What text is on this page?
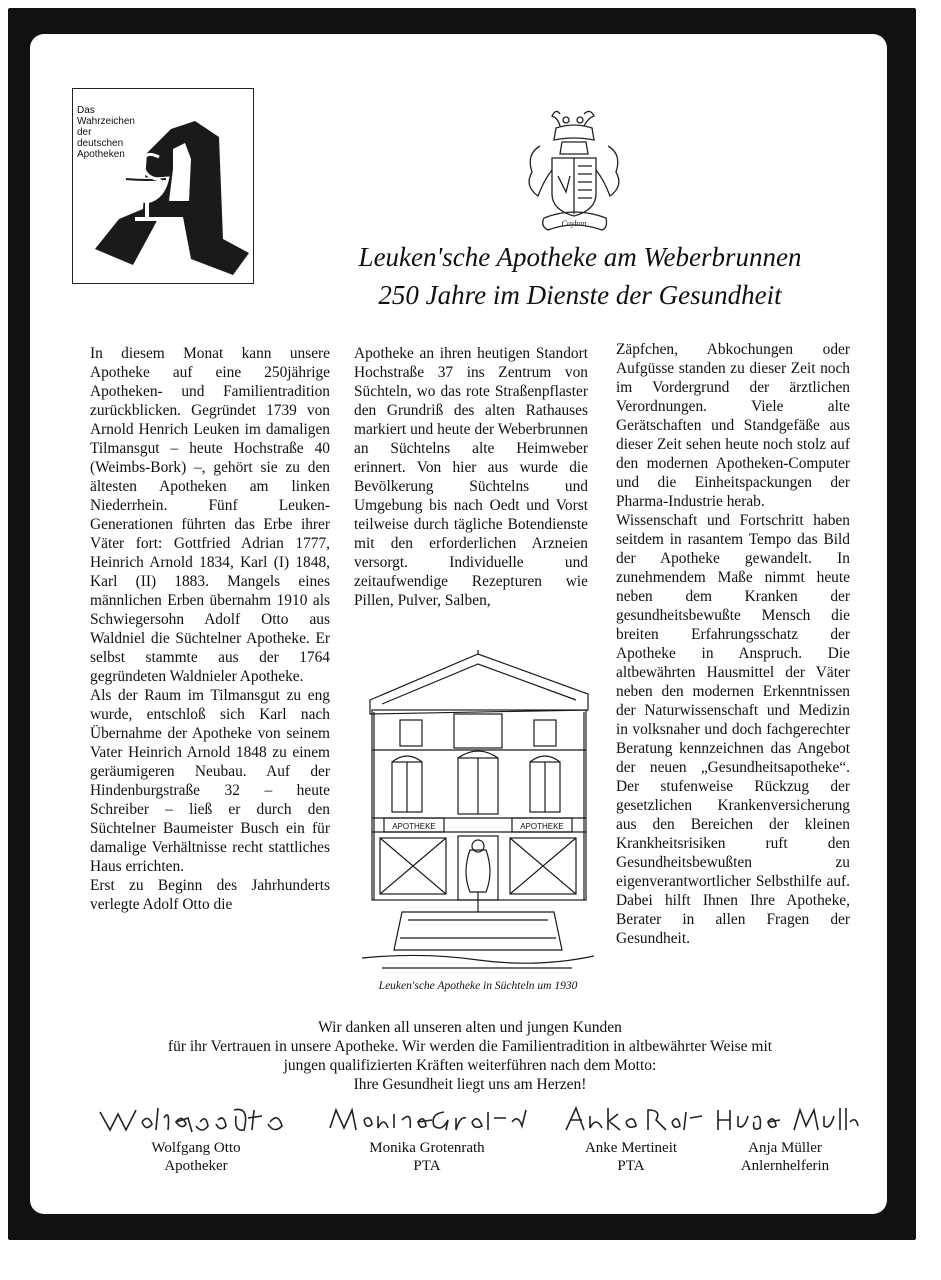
Das
Wahrzeichen
der
deutschen
Apotheken
Cuyban
Leuken'sche Apotheke am Weberbrunnen
250 Jahre im Dienste der Gesundheit

In diesem Monat kann unsere Apotheke auf eine 250jährige Apotheken- und Familientradition zurückblicken. Gegründet 1739 von Arnold Henrich Leuken im damaligen Tilmansgut – heute Hochstraße 40 (Weimbs-Bork) –, gehört sie zu den ältesten Apotheken am linken Niederrhein. Fünf Leuken-Generationen führten das Erbe ihrer Väter fort: Gottfried Adrian 1777, Heinrich Arnold 1834, Karl (I) 1848, Karl (II) 1883. Mangels eines männlichen Erben übernahm 1910 als Schwiegersohn Adolf Otto aus Waldniel die Süchtelner Apotheke. Er selbst stammte aus der 1764 gegründeten Waldnieler Apotheke.

Als der Raum im Tilmansgut zu eng wurde, entschloß sich Karl nach Übernahme der Apotheke von seinem Vater Heinrich Arnold 1848 zu einem geräumigeren Neubau. Auf der Hindenburgstraße 32 – heute Schreiber – ließ er durch den Süchtelner Baumeister Busch ein für damalige Verhältnisse recht stattliches Haus errichten.

Erst zu Beginn des Jahrhunderts verlegte Adolf Otto die

Apotheke an ihren heutigen Standort Hochstraße 37 ins Zentrum von Süchteln, wo das rote Straßenpflaster den Grundriß des alten Rathauses markiert und heute der Weberbrunnen an Süchtelns alte Heimweber erinnert. Von hier aus wurde die Bevölkerung Süchtelns und Umgebung bis nach Oedt und Vorst teilweise durch tägliche Botendienste mit den erforderlichen Arzneien versorgt. Individuelle und zeitaufwendige Rezepturen wie Pillen, Pulver, Salben,

APOTHEKE	APOTHEKE
Leuken'sche Apotheke in Süchteln um 1930

Zäpfchen, Abkochungen oder Aufgüsse standen zu dieser Zeit noch im Vordergrund der ärztlichen Verordnungen. Viele alte Gerätschaften und Standgefäße aus dieser Zeit sehen heute noch stolz auf den modernen Apotheken-Computer und die Einheitspackungen der Pharma-Industrie herab.

Wissenschaft und Fortschritt haben seitdem in rasantem Tempo das Bild der Apotheke gewandelt. In zunehmendem Maße nimmt heute neben dem Kranken der gesundheitsbewußte Mensch die breiten Erfahrungsschatz der Apotheke in Anspruch. Die altbewährten Hausmittel der Väter neben den modernen Erkenntnissen der Naturwissenschaft und Medizin in volksnaher und doch fachgerechter Beratung kennzeichnen das Angebot der neuen „Gesundheitsapotheke“. Der stufenweise Rückzug der gesetzlichen Krankenversicherung aus den Bereichen der kleinen Krankheitsrisiken ruft den Gesundheitsbewußten zu eigenverantwortlicher Selbsthilfe auf. Dabei hilft Ihnen Ihre Apotheke, Berater in allen Fragen der Gesundheit.

Wir danken all unseren alten und jungen Kunden
für ihr Vertrauen in unsere Apotheke. Wir werden die Familientradition in altbewährter Weise mit
jungen qualifizierten Kräften weiterführen nach dem Motto:
Ihre Gesundheit liegt uns am Herzen!
Wolfgang Otto
Apotheker
Monika Grotenrath
PTA
Anke Mertineit
PTA
Anja Müller
Anlernhelferin
